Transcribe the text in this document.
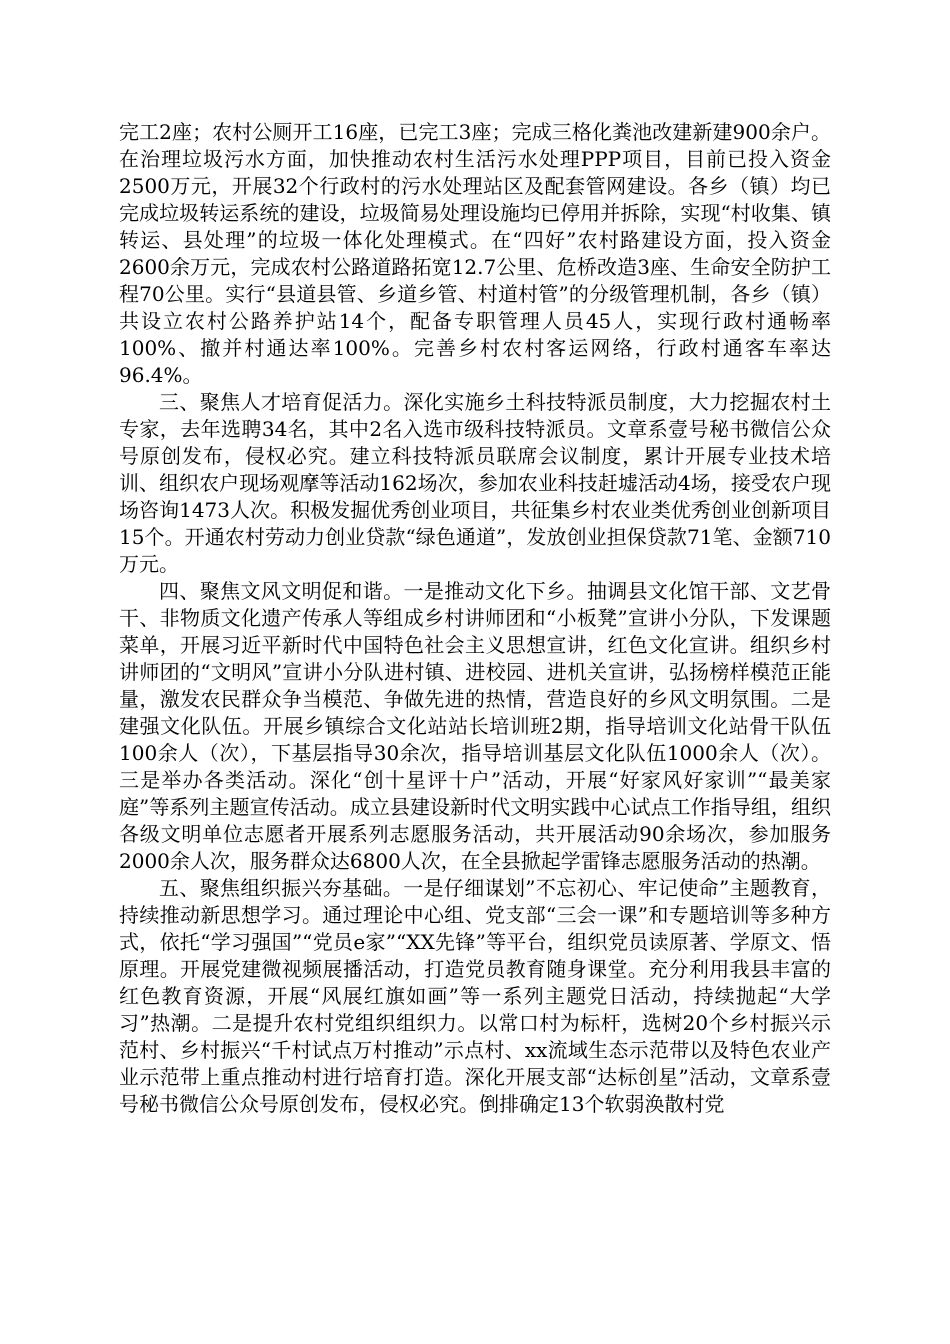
完工2座；农村公厕开工16座，已完工3座；完成三格化粪池改建新建900余户。在治理垃圾污水方面，加快推动农村生活污水处理PPP项目，目前已投入资金2500万元，开展32个行政村的污水处理站区及配套管网建设。各乡（镇）均已完成垃圾转运系统的建设，垃圾简易处理设施均已停用并拆除，实现“村收集、镇转运、县处理”的垃圾一体化处理模式。在“四好”农村路建设方面，投入资金2600余万元，完成农村公路道路拓宽12.7公里、危桥改造3座、生命安全防护工程70公里。实行“县道县管、乡道乡管、村道村管”的分级管理机制，各乡（镇）共设立农村公路养护站14个，配备专职管理人员45人，实现行政村通畅率100%、撤并村通达率100%。完善乡村农村客运网络，行政村通客车率达96.4%。

三、聚焦人才培育促活力。深化实施乡土科技特派员制度，大力挖掘农村土专家，去年选聘34名，其中2名入选市级科技特派员。文章系壹号秘书微信公众号原创发布，侵权必究。建立科技特派员联席会议制度，累计开展专业技术培训、组织农户现场观摩等活动162场次，参加农业科技赶墟活动4场，接受农户现场咨询1473人次。积极发掘优秀创业项目，共征集乡村农业类优秀创业创新项目15个。开通农村劳动力创业贷款“绿色通道”，发放创业担保贷款71笔、金额710万元。

四、聚焦文风文明促和谐。一是推动文化下乡。抽调县文化馆干部、文艺骨干、非物质文化遗产传承人等组成乡村讲师团和“小板凳”宣讲小分队，下发课题菜单，开展习近平新时代中国特色社会主义思想宣讲，红色文化宣讲。组织乡村讲师团的“文明风”宣讲小分队进村镇、进校园、进机关宣讲，弘扬榜样模范正能量，激发农民群众争当模范、争做先进的热情，营造良好的乡风文明氛围。二是建强文化队伍。开展乡镇综合文化站站长培训班2期，指导培训文化站骨干队伍100余人（次），下基层指导30余次，指导培训基层文化队伍1000余人（次）。三是举办各类活动。深化“创十星评十户”活动，开展“好家风好家训”“最美家庭”等系列主题宣传活动。成立县建设新时代文明实践中心试点工作指导组，组织各级文明单位志愿者开展系列志愿服务活动，共开展活动90余场次，参加服务2000余人次，服务群众达6800人次，在全县掀起学雷锋志愿服务活动的热潮。

五、聚焦组织振兴夯基础。一是仔细谋划”不忘初心、牢记使命”主题教育，持续推动新思想学习。通过理论中心组、党支部“三会一课”和专题培训等多种方式，依托“学习强国”“党员e家”“XX先锋”等平台，组织党员读原著、学原文、悟原理。开展党建微视频展播活动，打造党员教育随身课堂。充分利用我县丰富的红色教育资源，开展“风展红旗如画”等一系列主题党日活动，持续抛起“大学习”热潮。二是提升农村党组织组织力。以常口村为标杆，选树20个乡村振兴示范村、乡村振兴“千村试点万村推动”示点村、xx流域生态示范带以及特色农业产业示范带上重点推动村进行培育打造。深化开展支部“达标创星”活动，文章系壹号秘书微信公众号原创发布，侵权必究。倒排确定13个软弱涣散村党
